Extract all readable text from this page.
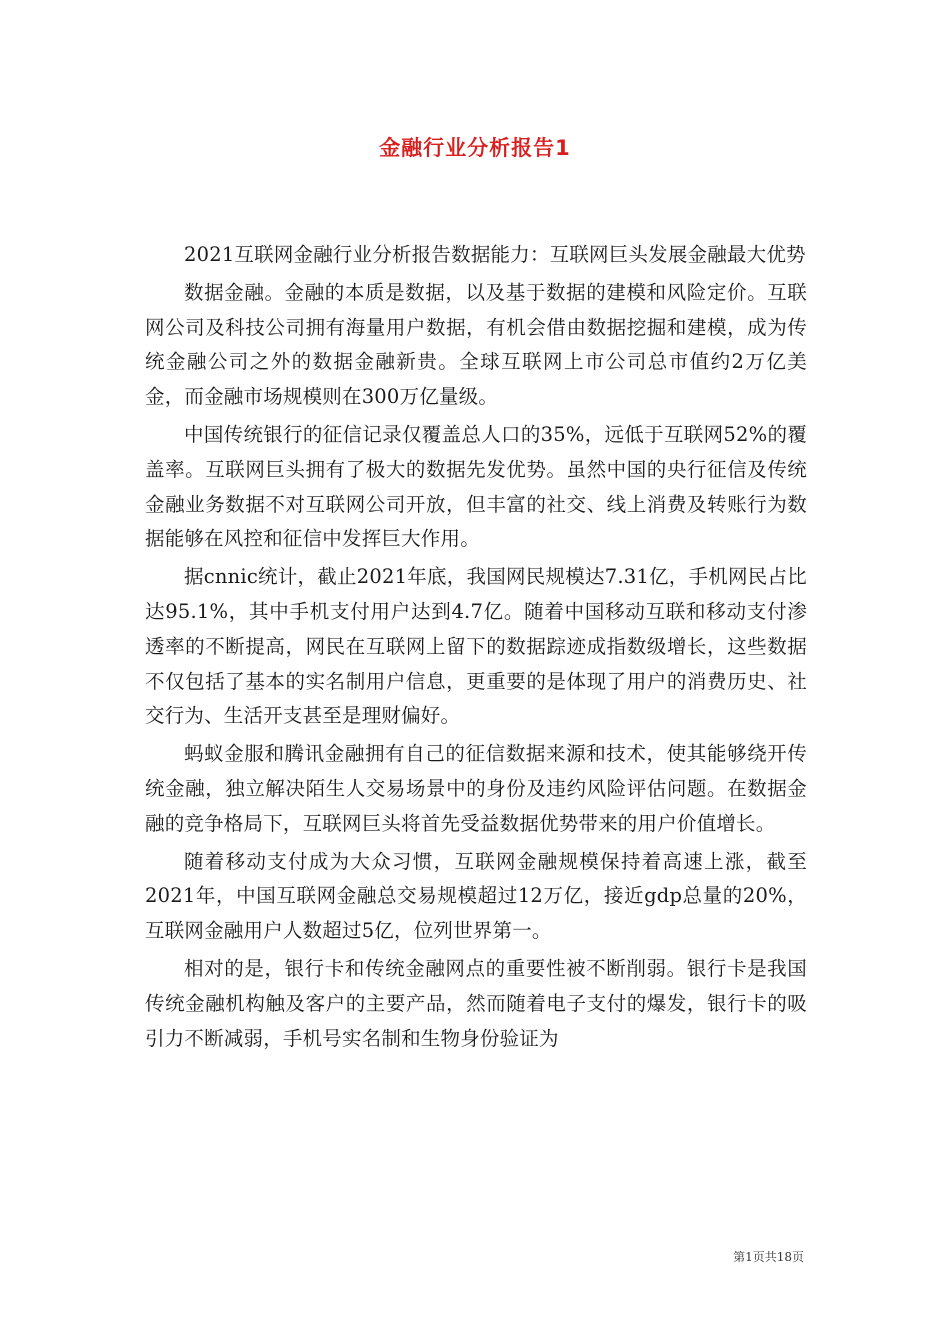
金融行业分析报告1

2021互联网金融行业分析报告数据能力：互联网巨头发展金融最大优势

数据金融。金融的本质是数据，以及基于数据的建模和风险定价。互联网公司及科技公司拥有海量用户数据，有机会借由数据挖掘和建模，成为传统金融公司之外的数据金融新贵。全球互联网上市公司总市值约2万亿美金，而金融市场规模则在300万亿量级。

中国传统银行的征信记录仅覆盖总人口的35%，远低于互联网52%的覆盖率。互联网巨头拥有了极大的数据先发优势。虽然中国的央行征信及传统金融业务数据不对互联网公司开放，但丰富的社交、线上消费及转账行为数据能够在风控和征信中发挥巨大作用。

据cnnic统计，截止2021年底，我国网民规模达7.31亿，手机网民占比达95.1%，其中手机支付用户达到4.7亿。随着中国移动互联和移动支付渗透率的不断提高，网民在互联网上留下的数据踪迹成指数级增长，这些数据不仅包括了基本的实名制用户信息，更重要的是体现了用户的消费历史、社交行为、生活开支甚至是理财偏好。

蚂蚁金服和腾讯金融拥有自己的征信数据来源和技术，使其能够绕开传统金融，独立解决陌生人交易场景中的身份及违约风险评估问题。在数据金融的竞争格局下，互联网巨头将首先受益数据优势带来的用户价值增长。

随着移动支付成为大众习惯，互联网金融规模保持着高速上涨，截至2021年，中国互联网金融总交易规模超过12万亿，接近gdp总量的20%，互联网金融用户人数超过5亿，位列世界第一。

相对的是，银行卡和传统金融网点的重要性被不断削弱。银行卡是我国传统金融机构触及客户的主要产品，然而随着电子支付的爆发，银行卡的吸引力不断减弱，手机号实名制和生物身份验证为

第1页共18页
